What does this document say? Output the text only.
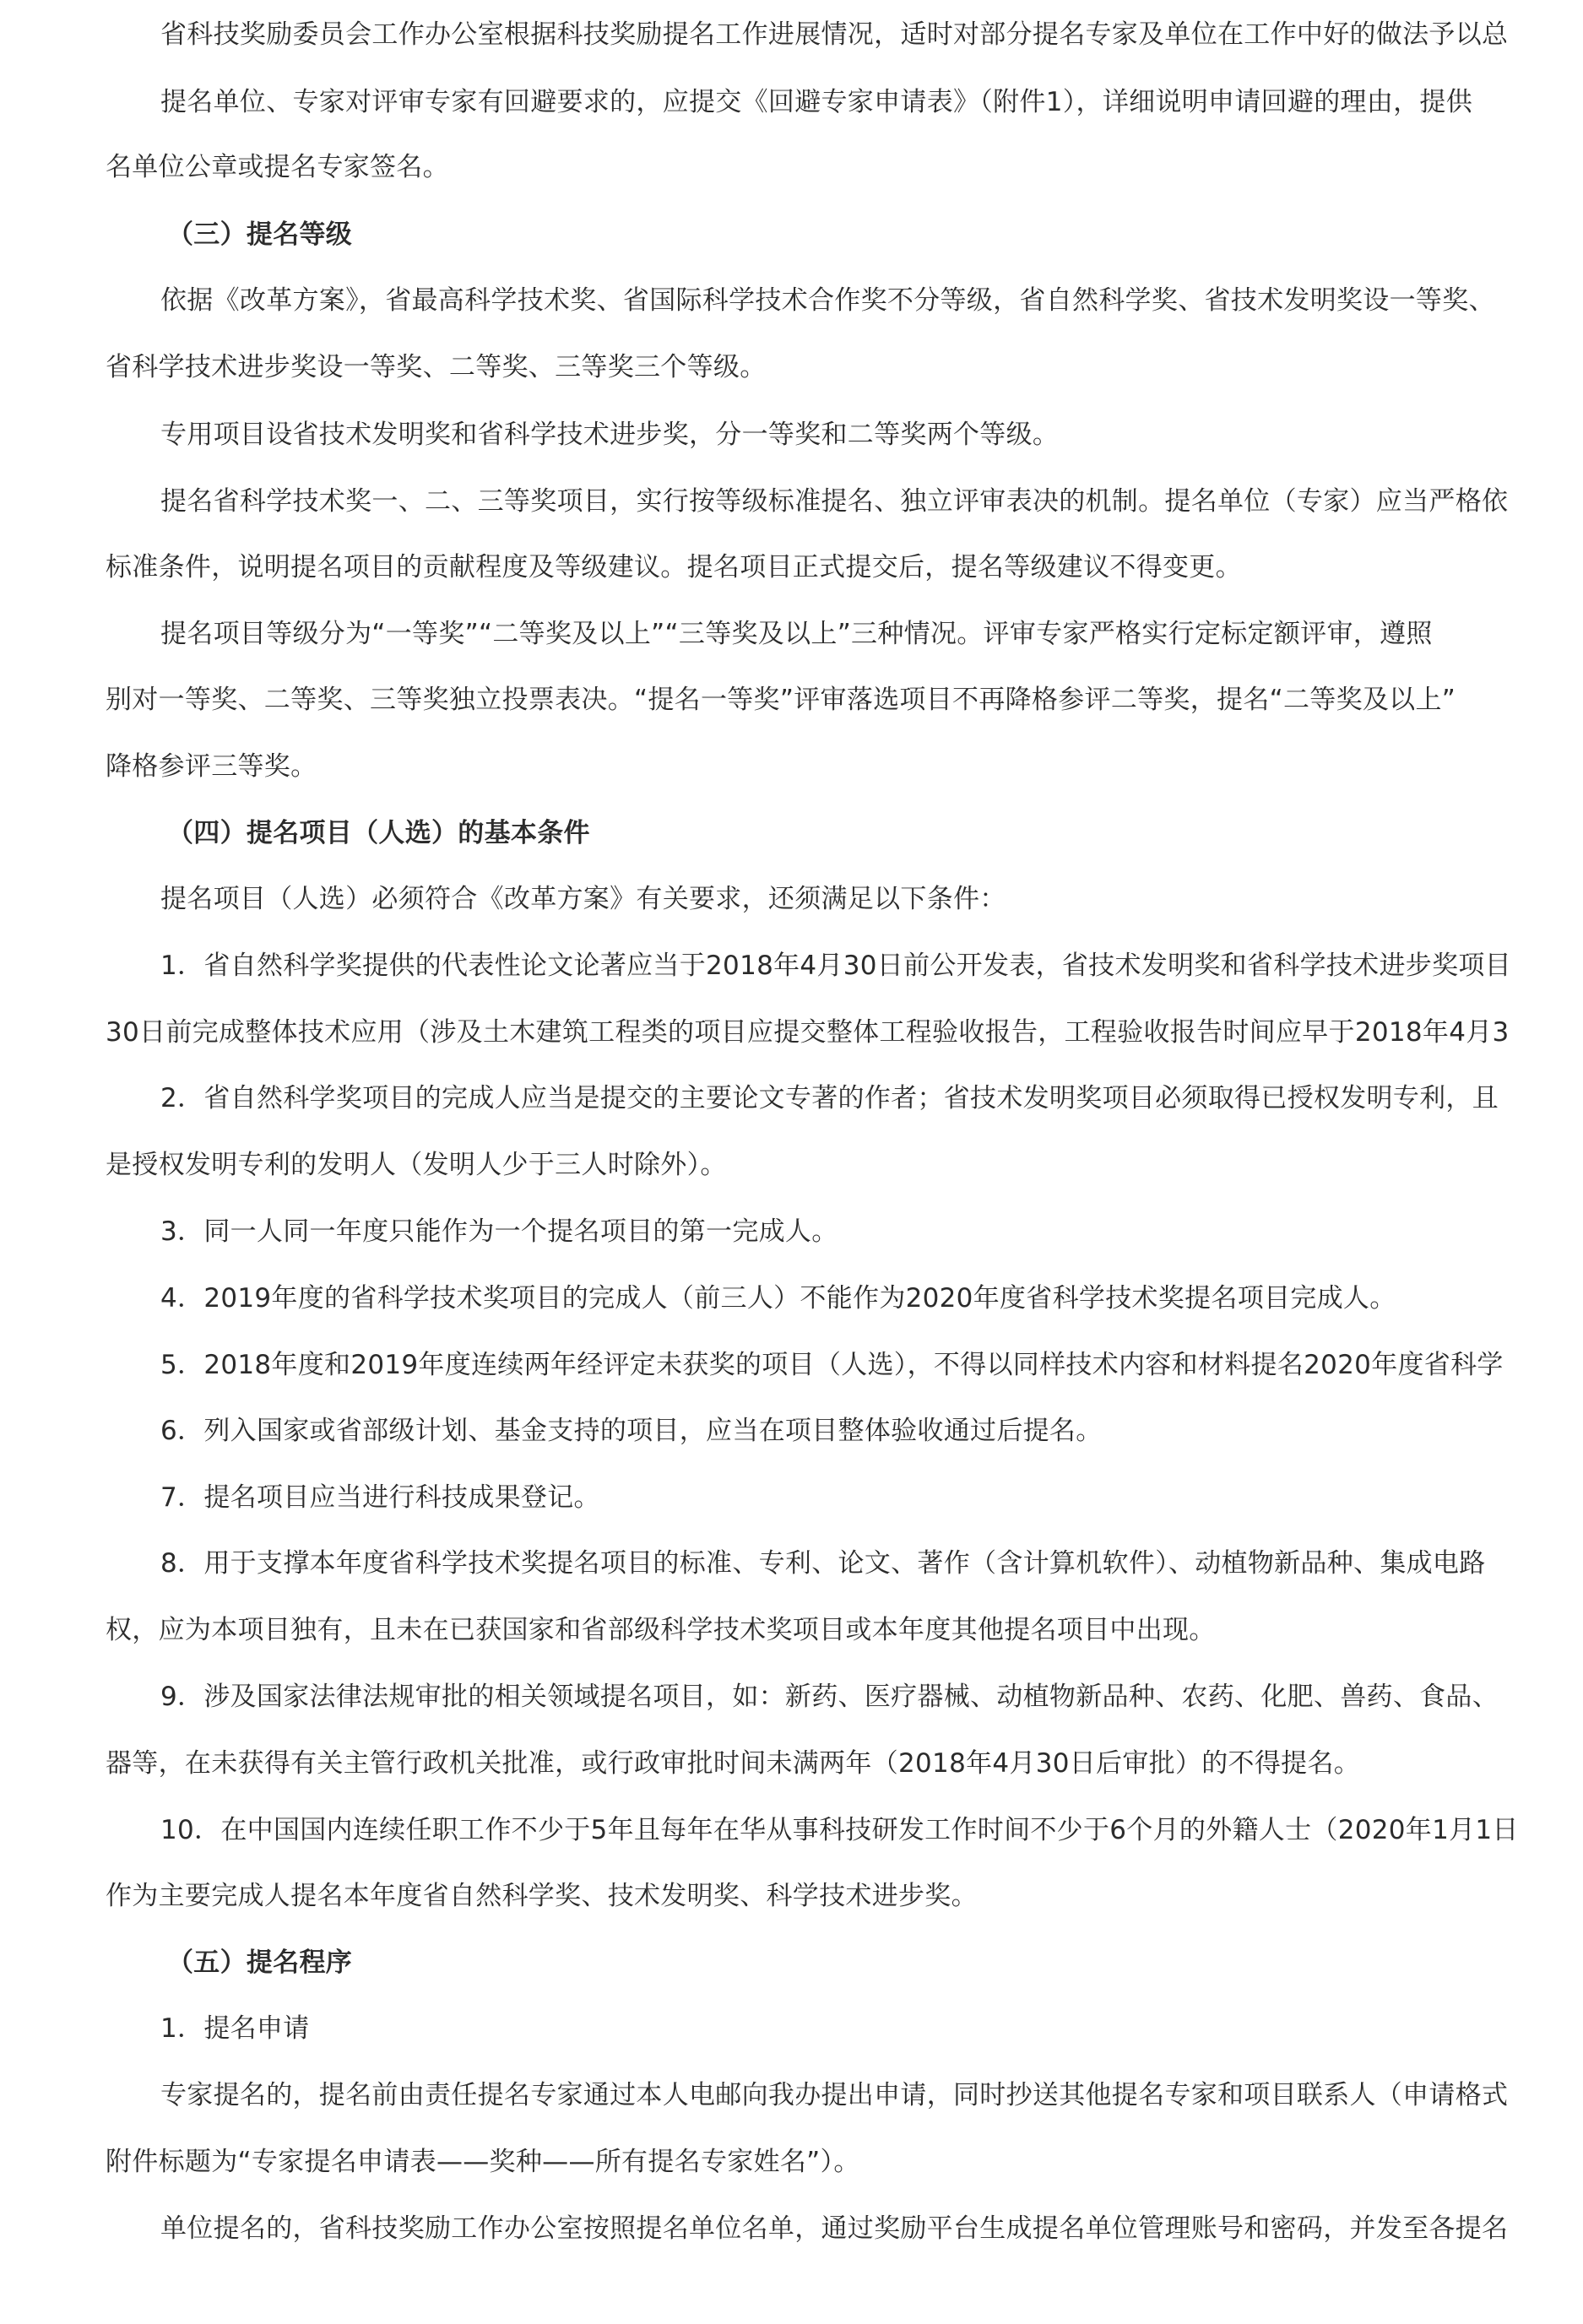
省科技奖励委员会工作办公室根据科技奖励提名工作进展情况，适时对部分提名专家及单位在工作中好的做法予以总
提名单位、专家对评审专家有回避要求的，应提交《回避专家申请表》（附件1），详细说明申请回避的理由，提供
名单位公章或提名专家签名。
（三）提名等级
依据《改革方案》，省最高科学技术奖、省国际科学技术合作奖不分等级，省自然科学奖、省技术发明奖设一等奖、
省科学技术进步奖设一等奖、二等奖、三等奖三个等级。
专用项目设省技术发明奖和省科学技术进步奖，分一等奖和二等奖两个等级。
提名省科学技术奖一、二、三等奖项目，实行按等级标准提名、独立评审表决的机制。提名单位（专家）应当严格依
标准条件，说明提名项目的贡献程度及等级建议。提名项目正式提交后，提名等级建议不得变更。
提名项目等级分为“一等奖”“二等奖及以上”“三等奖及以上”三种情况。评审专家严格实行定标定额评审，遵照
别对一等奖、二等奖、三等奖独立投票表决。“提名一等奖”评审落选项目不再降格参评二等奖，提名“二等奖及以上”
降格参评三等奖。
（四）提名项目（人选）的基本条件
提名项目（人选）必须符合《改革方案》有关要求，还须满足以下条件：
1．省自然科学奖提供的代表性论文论著应当于2018年4月30日前公开发表，省技术发明奖和省科学技术进步奖项目
30日前完成整体技术应用（涉及土木建筑工程类的项目应提交整体工程验收报告，工程验收报告时间应早于2018年4月3
2．省自然科学奖项目的完成人应当是提交的主要论文专著的作者；省技术发明奖项目必须取得已授权发明专利，且
是授权发明专利的发明人（发明人少于三人时除外）。
3．同一人同一年度只能作为一个提名项目的第一完成人。
4．2019年度的省科学技术奖项目的完成人（前三人）不能作为2020年度省科学技术奖提名项目完成人。
5．2018年度和2019年度连续两年经评定未获奖的项目（人选），不得以同样技术内容和材料提名2020年度省科学
6．列入国家或省部级计划、基金支持的项目，应当在项目整体验收通过后提名。
7．提名项目应当进行科技成果登记。
8．用于支撑本年度省科学技术奖提名项目的标准、专利、论文、著作（含计算机软件）、动植物新品种、集成电路
权，应为本项目独有，且未在已获国家和省部级科学技术奖项目或本年度其他提名项目中出现。
9．涉及国家法律法规审批的相关领域提名项目，如：新药、医疗器械、动植物新品种、农药、化肥、兽药、食品、
器等，在未获得有关主管行政机关批准，或行政审批时间未满两年（2018年4月30日后审批）的不得提名。
10．在中国国内连续任职工作不少于5年且每年在华从事科技研发工作时间不少于6个月的外籍人士（2020年1月1日
作为主要完成人提名本年度省自然科学奖、技术发明奖、科学技术进步奖。
（五）提名程序
1．提名申请
专家提名的，提名前由责任提名专家通过本人电邮向我办提出申请，同时抄送其他提名专家和项目联系人（申请格式
附件标题为“专家提名申请表——奖种——所有提名专家姓名”）。
单位提名的，省科技奖励工作办公室按照提名单位名单，通过奖励平台生成提名单位管理账号和密码，并发至各提名
